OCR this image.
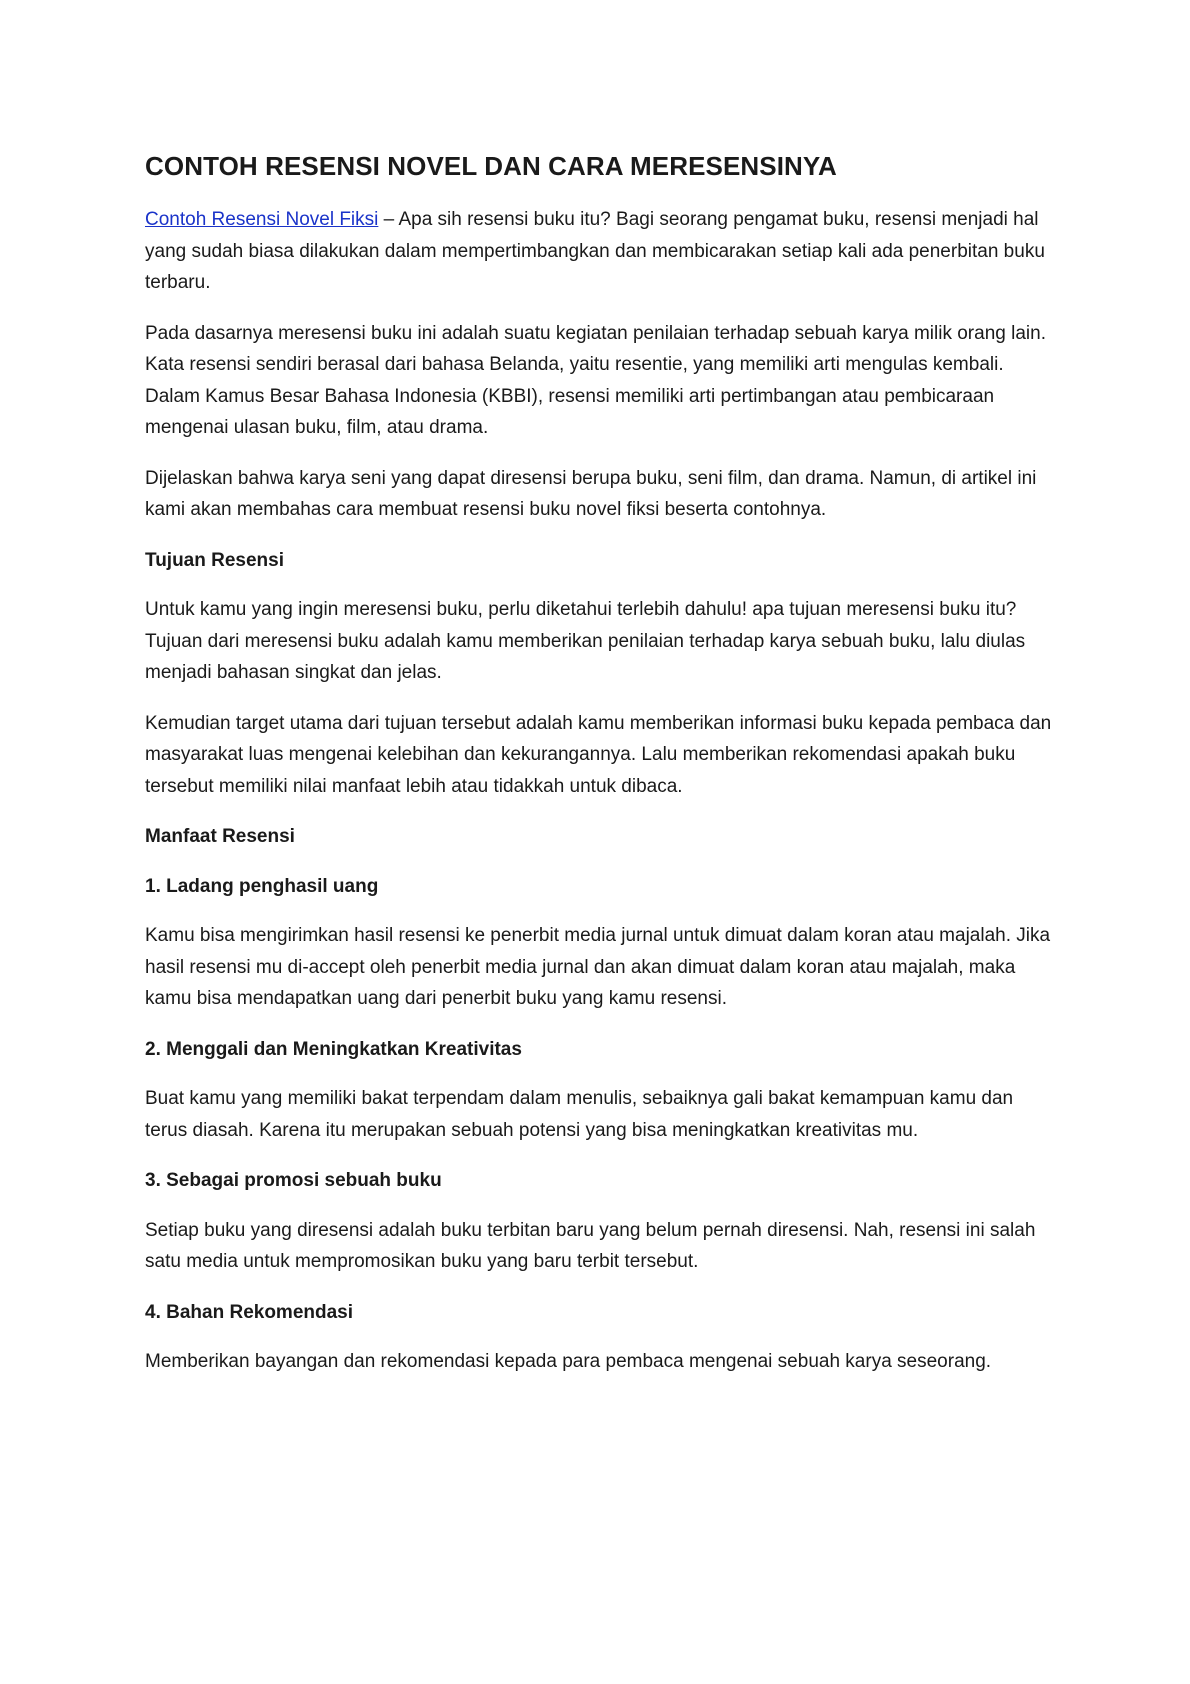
CONTOH RESENSI NOVEL DAN CARA MERESENSINYA

Contoh Resensi Novel Fiksi – Apa sih resensi buku itu? Bagi seorang pengamat buku, resensi menjadi hal yang sudah biasa dilakukan dalam mempertimbangkan dan membicarakan setiap kali ada penerbitan buku terbaru.

Pada dasarnya meresensi buku ini adalah suatu kegiatan penilaian terhadap sebuah karya milik orang lain. Kata resensi sendiri berasal dari bahasa Belanda, yaitu resentie, yang memiliki arti mengulas kembali. Dalam Kamus Besar Bahasa Indonesia (KBBI), resensi memiliki arti pertimbangan atau pembicaraan mengenai ulasan buku, film, atau drama.

Dijelaskan bahwa karya seni yang dapat diresensi berupa buku, seni film, dan drama. Namun, di artikel ini kami akan membahas cara membuat resensi buku novel fiksi beserta contohnya.

Tujuan Resensi

Untuk kamu yang ingin meresensi buku, perlu diketahui terlebih dahulu! apa tujuan meresensi buku itu? Tujuan dari meresensi buku adalah kamu memberikan penilaian terhadap karya sebuah buku, lalu diulas menjadi bahasan singkat dan jelas.

Kemudian target utama dari tujuan tersebut adalah kamu memberikan informasi buku kepada pembaca dan masyarakat luas mengenai kelebihan dan kekurangannya. Lalu memberikan rekomendasi apakah buku tersebut memiliki nilai manfaat lebih atau tidakkah untuk dibaca.

Manfaat Resensi
1. Ladang penghasil uang

Kamu bisa mengirimkan hasil resensi ke penerbit media jurnal untuk dimuat dalam koran atau majalah. Jika hasil resensi mu di-accept oleh penerbit media jurnal dan akan dimuat dalam koran atau majalah, maka kamu bisa mendapatkan uang dari penerbit buku yang kamu resensi.

2. Menggali dan Meningkatkan Kreativitas

Buat kamu yang memiliki bakat terpendam dalam menulis, sebaiknya gali bakat kemampuan kamu dan terus diasah. Karena itu merupakan sebuah potensi yang bisa meningkatkan kreativitas mu.

3. Sebagai promosi sebuah buku

Setiap buku yang diresensi adalah buku terbitan baru yang belum pernah diresensi. Nah, resensi ini salah satu media untuk mempromosikan buku yang baru terbit tersebut.

4. Bahan Rekomendasi

Memberikan bayangan dan rekomendasi kepada para pembaca mengenai sebuah karya seseorang.
